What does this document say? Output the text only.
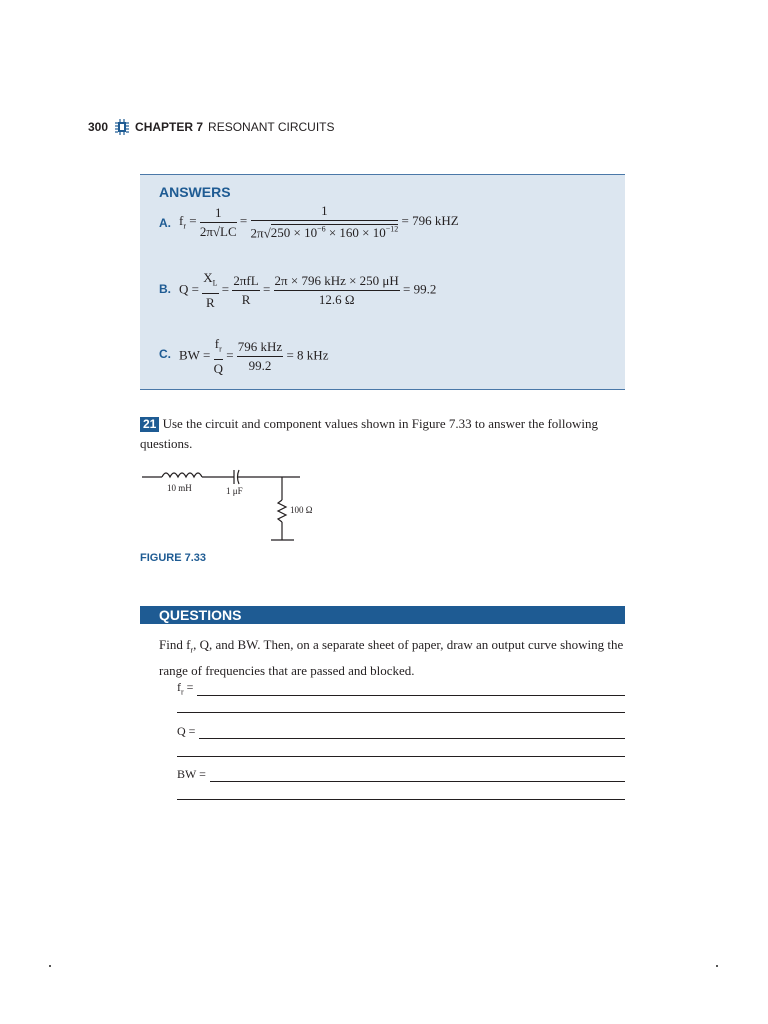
300 CHAPTER 7 RESONANT CIRCUITS
ANSWERS
A. $f_r = \frac{1}{2\pi√LC} = \frac{1}{2\pi√250 \times 10^{-6} \times 160 \times 10^{-12}} = 796$ kHZ
B. $Q = \frac{X_L}{R} = \frac{\text{2πfL}}{R} = \frac{\text{2π × 796 kHz × 250 μH}}{12.6 \Omega} = 99.2$
C. BW = $\frac{f_r}{Q} = \frac{\text{796 kHz}}{99.2} = 8$ kHz
21 Use the circuit and component values shown in Figure 7.33 to answer the following questions.
10 mH	1 μF
100 Ω
FIGURE 7.33
QUESTIONS
Find $f_r$, Q, and BW. Then, on a separate sheet of paper, draw an output curve showing the range of frequencies that are passed and blocked.
$f_r$ =
Q =
BW =
